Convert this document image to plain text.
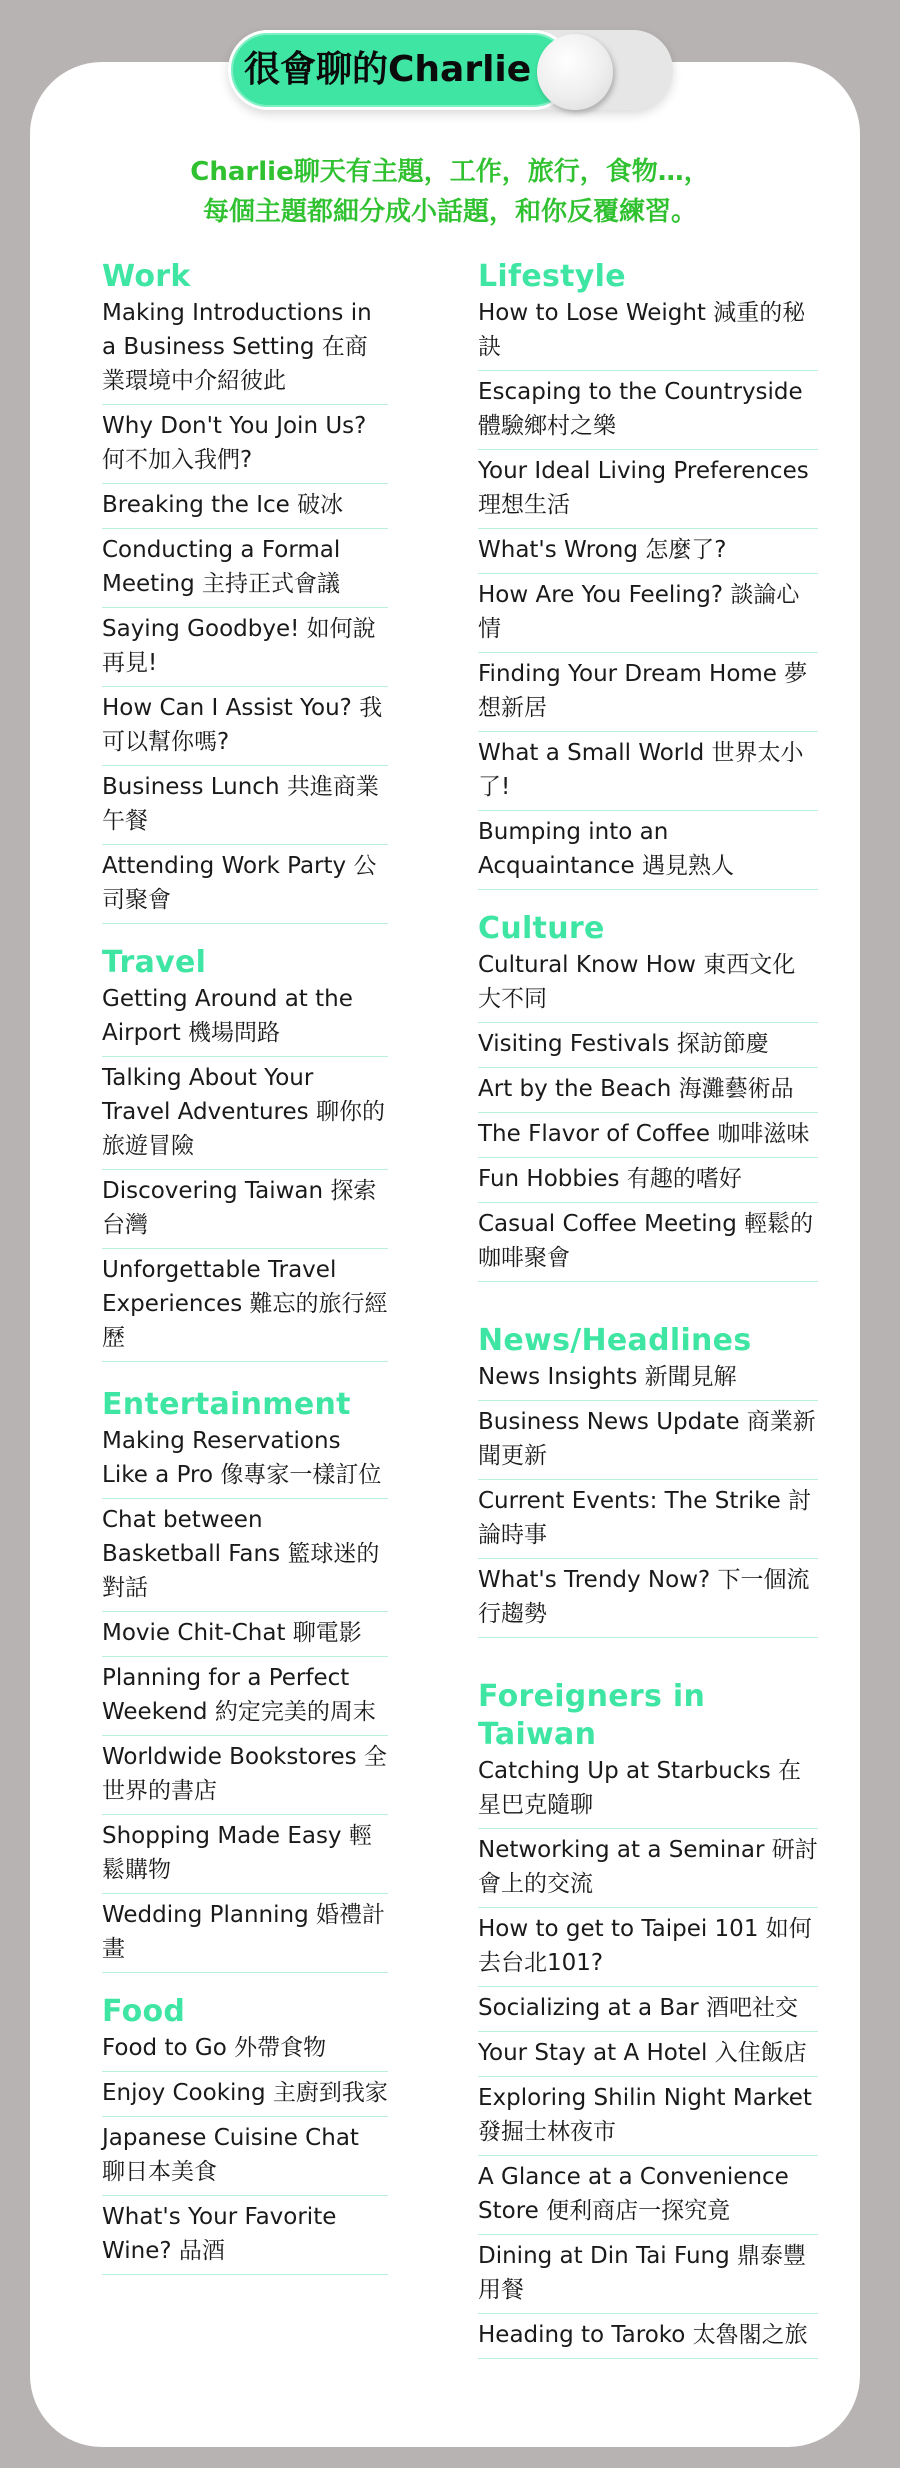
很會聊的Charlie
Charlie聊天有主題，工作，旅行，食物…，
每個主題都細分成小話題，和你反覆練習。
Work
Making Introductions in a Business Setting 在商業環境中介紹彼此
Why Don't You Join Us? 何不加入我們?
Breaking the Ice 破冰
Conducting a Formal Meeting 主持正式會議
Saying Goodbye! 如何說再見!
How Can I Assist You? 我可以幫你嗎?
Business Lunch 共進商業午餐
Attending Work Party 公司聚會
Travel
Getting Around at the Airport 機場問路
Talking About Your Travel Adventures 聊你的旅遊冒險
Discovering Taiwan 探索台灣
Unforgettable Travel Experiences 難忘的旅行經歷
Entertainment
Making Reservations Like a Pro 像專家一樣訂位
Chat between Basketball Fans 籃球迷的對話
Movie Chit-Chat 聊電影
Planning for a Perfect Weekend 約定完美的周末
Worldwide Bookstores 全世界的書店
Shopping Made Easy 輕鬆購物
Wedding Planning 婚禮計畫
Food
Food to Go 外帶食物
Enjoy Cooking 主廚到我家
Japanese Cuisine Chat 聊日本美食
What's Your Favorite Wine? 品酒
Lifestyle
How to Lose Weight 減重的秘訣
Escaping to the Countryside 體驗鄉村之樂
Your Ideal Living Preferences 理想生活
What's Wrong 怎麼了?
How Are You Feeling? 談論心情
Finding Your Dream Home 夢想新居
What a Small World 世界太小了!
Bumping into an Acquaintance 遇見熟人
Culture
Cultural Know How 東西文化大不同
Visiting Festivals 探訪節慶
Art by the Beach 海灘藝術品
The Flavor of Coffee 咖啡滋味
Fun Hobbies 有趣的嗜好
Casual Coffee Meeting 輕鬆的咖啡聚會
News/Headlines
News Insights 新聞見解
Business News Update 商業新聞更新
Current Events: The Strike 討論時事
What's Trendy Now? 下一個流行趨勢
Foreigners in Taiwan
Catching Up at Starbucks 在星巴克隨聊
Networking at a Seminar 研討會上的交流
How to get to Taipei 101 如何去台北101?
Socializing at a Bar 酒吧社交
Your Stay at A Hotel 入住飯店
Exploring Shilin Night Market 發掘士林夜市
A Glance at a Convenience Store 便利商店一探究竟
Dining at Din Tai Fung 鼎泰豐用餐
Heading to Taroko 太魯閣之旅
